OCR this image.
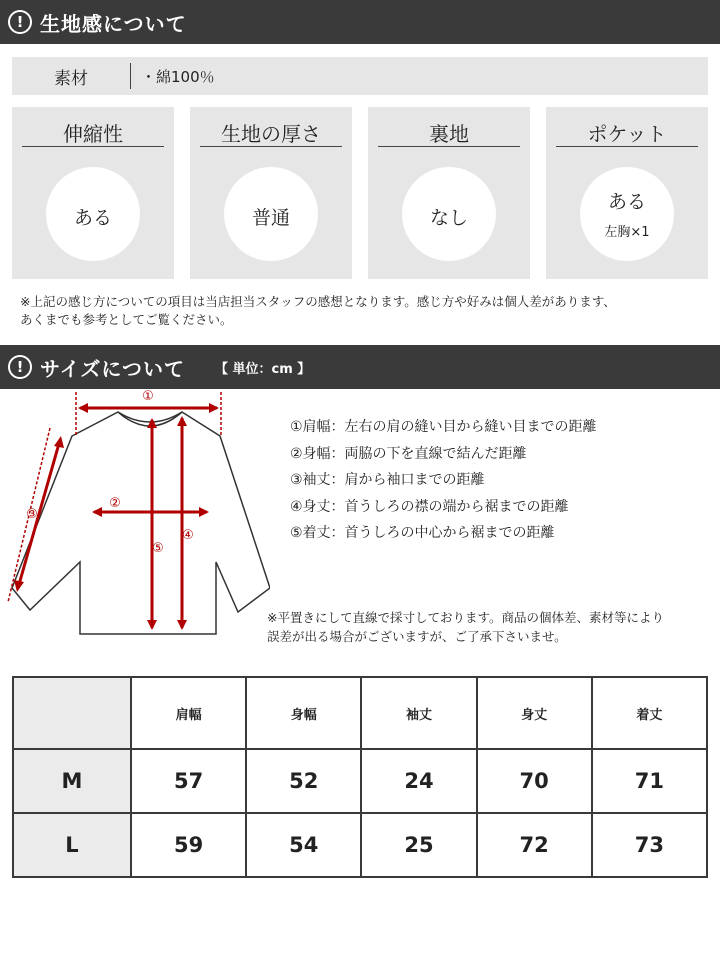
! 生地感について
素材	・綿100％
伸縮性
ある
生地の厚さ
普通
裏地
なし
ポケット
ある
左胸×1
※上記の感じ方についての項目は当店担当スタッフの感想となります。感じ方や好みは個人差があります、
あくまでも参考としてご覧ください。
! サイズについて 【 単位：cm 】
①
②
③
④
⑤
①肩幅：左右の肩の縫い目から縫い目までの距離
②身幅：両脇の下を直線で結んだ距離
③袖丈：肩から袖口までの距離
④身丈：首うしろの襟の端から裾までの距離
⑤着丈：首うしろの中心から裾までの距離
※平置きにして直線で採寸しております。商品の個体差、素材等により
誤差が出る場合がございますが、ご了承下さいませ。
	肩幅	身幅	袖丈	身丈	着丈
M	57	52	24	70	71
L	59	54	25	72	73
